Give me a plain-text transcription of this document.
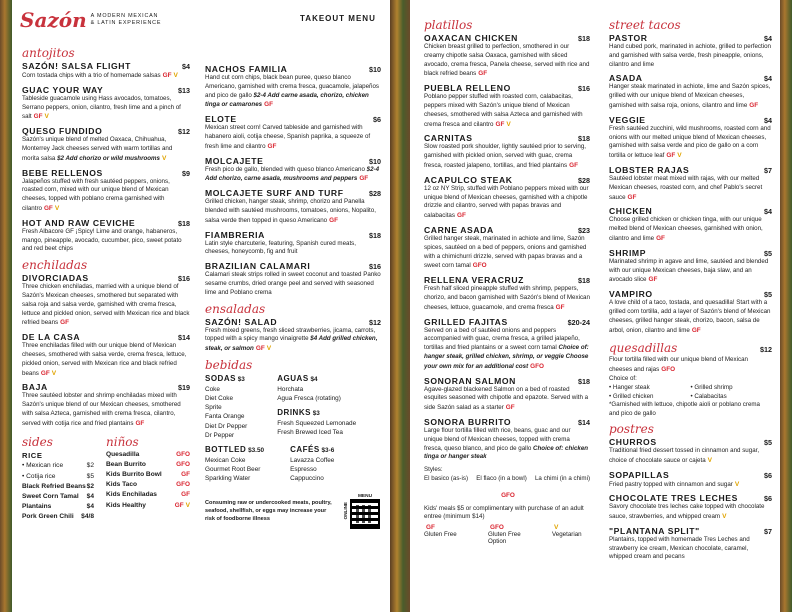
Sazón A MODERN MEXICAN
& LATIN EXPERIENCE	TAKEOUT MENU
antojitos
SAZÓN! SALSA FLIGHT	$4
Corn tostada chips with a trio of homemade salsas GF V
GUAC YOUR WAY	$13
Tableside guacamole using Hass avocados, tomatoes, Serrano peppers, onion, cilantro, fresh lime and a pinch of salt GF V
QUESO FUNDIDO	$12
Sazón's unique blend of melted Oaxaca, Chihuahua, Monterrey Jack cheeses served with warm tortillas and morita salsa $2 Add chorizo or wild mushrooms V
BEBE RELLENOS	$9
Jalapeños stuffed with fresh sautéed peppers, onions, roasted corn, mixed with our unique blend of Mexican cheeses, topped with poblano crema garnished with cilantro GF V
HOT AND RAW CEVICHE	$18
Fresh Albacore GF ¡Spicy! Lime and orange, habaneros, mango, pineapple, avocado, cucumber, pico, sweet potato and red beet chips
enchiladas
DIVORCIADAS	$16
Three chicken enchiladas, married with a unique blend of Sazón's Mexican cheeses, smothered but separated with salsa roja and salsa verde, garnished with crema fresca, lettuce and pickled onion, served with Mexican rice and black refried beans GF
DE LA CASA	$14
Three enchiladas filled with our unique blend of Mexican cheeses, smothered with salsa verde, crema fresca, lettuce, pickled onion, served with Mexican rice and black refried beans GF V
BAJA	$19
Three sautéed lobster and shrimp enchiladas mixed with Sazón's unique blend of our Mexican cheeses, smothered with salsa Azteca, garnished with crema fresca, cilantro, served with cotija rice and fried plantains GF
sides
RICE
• Mexican rice	$2
• Cotija rice	$5
Black Refried Beans $2
Sweet Corn Tamal $4
Plantains	$4
Pork Green Chili $4/8
niños
Quesadilla	GFO
Bean Burrito	GFO
Kids Burrito Bowl	GF
Kids Taco	GFO
Kids Enchiladas	GF
Kids Healthy	GF V
NACHOS FAMILIA	$10
Hand cut corn chips, black bean puree, queso blanco Americano, garnished with crema fresca, guacamole, jalapeños and pico de gallo $2-4 Add carne asada, chorizo, chicken tinga or camarones GF
ELOTE	$6
Mexican street corn! Carved tableside and garnished with habanero aioli, cotija cheese, Spanish paprika, a squeeze of fresh lime and cilantro GF
MOLCAJETE	$10
Fresh pico de gallo, blended with queso blanco Americano $2-4 Add chorizo, carne asada, mushrooms and peppers GF
MOLCAJETE SURF AND TURF	$28
Grilled chicken, hanger steak, shrimp, chorizo and Panella blended with sautéed mushrooms, tomatoes, onions, Nopalito, salsa verde then topped in queso Americano GF
FIAMBRERIA	$18
Latin style charcuterie, featuring, Spanish cured meats, cheeses, honeycomb, fig and fruit
BRAZILIAN CALAMARI	$16
Calamari steak strips rolled in sweet coconut and toasted Panko sesame crumbs, dried orange peel and served with seasoned lime and Poblano crema
ensaladas
SAZÓN! SALAD	$12
Fresh mixed greens, fresh sliced strawberries, jicama, carrots, topped with a spicy mango vinaigrette $4 Add grilled chicken, steak, or salmon GF V
bebidas
SODAS $3
Coke
Diet Coke
Sprite
Fanta Orange
Diet Dr Pepper
Dr Pepper
AGUAS $4
Horchata
Agua Fresca (rotating)
DRINKS $3
Fresh Squeezed Lemonade
Fresh Brewed Iced Tea
BOTTLED $3.50
Mexican Coke
Gourmet Root Beer
Sparkling Water
CAFÉS $3-6
Lavazza Coffee
Espresso
Cappuccino
Consuming raw or undercooked meats, poultry, seafood, shellfish, or eggs may increase your risk of foodborne illness	ONLINE
MENU
platillos
OAXACAN CHICKEN	$18
Chicken breast grilled to perfection, smothered in our creamy chipotle salsa Oaxaca, garnished with sliced avocado, crema fresca, Panela cheese, served with rice and black refried beans GF
PUEBLA RELLENO	$16
Poblano pepper stuffed with roasted corn, calabacitas, peppers mixed with Sazón's unique blend of Mexican cheeses, smothered with salsa Azteca and garnished with crema fresca and cilantro GF V
CARNITAS	$18
Slow roasted pork shoulder, lightly sautéed prior to serving, garnished with pickled onion, served with guac, crema fresca, roasted jalapeno, tortillas, and fried plantains GF
ACAPULCO STEAK	$28
12 oz NY Strip, stuffed with Poblano peppers mixed with our unique blend of Mexican cheeses, garnished with a chipotle drizzle and cilantro, served with papas bravas and calabacitas GF
CARNE ASADA	$23
Grilled hanger steak, marinated in achiote and lime, Sazón spices, sautéed on a bed of peppers, onions and garnished with a chimichurri drizzle, served with papas bravas and a sweet corn tamal GFO
RELLENA VERACRUZ	$18
Fresh half sliced pineapple stuffed with shrimp, peppers, chorizo, and bacon garnished with Sazón's blend of Mexican cheeses, lettuce, guacamole, and crema fresca GF
GRILLED FAJITAS	$20-24
Served on a bed of sautéed onions and peppers accompanied with guac, crema fresca, a grilled jalapeño, tortillas and fried plantains or a sweet corn tamal Choice of: hanger steak, grilled chicken, shrimp, or veggie Choose your own mix for an additional cost GFO
SONORAN SALMON	$18
Agave-glazed blackened Salmon on a bed of roasted esquites seasoned with chipotle and epazote. Served with a side Sazón salad as a starter GF
SONORA BURRITO	$14
Large flour tortilla filled with rice, beans, guac and our unique blend of Mexican cheeses, topped with crema fresca, queso blanco, and pico de gallo Choice of: chicken tinga or hanger steak
Styles:
El basico (as-is) El flaco (in a bowl) La chimi (in a chimi)
GFO
Kids' meals $5 or complimentary with purchase of an adult entree (minimum $14)
GF
Gluten Free
GFO
Gluten Free Option
V
Vegetarian
street tacos
PASTOR	$4
Hand cubed pork, marinated in achiote, grilled to perfection and garnished with salsa verde, fresh pineapple, onions, cilantro and lime
ASADA	$4
Hanger steak marinated in achiote, lime and Sazón spices, grilled with our unique blend of Mexican cheeses, garnished with salsa roja, onions, cilantro and lime GF
VEGGIE	$4
Fresh sautéed zucchini, wild mushrooms, roasted corn and onions with our melted unique blend of Mexican cheeses, garnished with salsa verde and pico de gallo on a corn tortilla or lettuce leaf GF V
LOBSTER RAJAS	$7
Sautéed lobster meat mixed with rajas, with our melted Mexican cheeses, roasted corn, and chef Pablo's secret sauce GF
CHICKEN	$4
Choose grilled chicken or chicken tinga, with our unique melted blend of Mexican cheeses, garnished with onion, cilantro and lime GF
SHRIMP	$5
Marinated shrimp in agave and lime, sautéed and blended with our unique Mexican cheeses, baja slaw, and an avocado slice GF
VAMPIRO	$5
A love child of a taco, tostada, and quesadilla! Start with a grilled corn tortilla, add a layer of Sazón's blend of Mexican cheeses, grilled hanger steak, chorizo, bacon, salsa de arbol, onion, cilantro and lime GF
quesadillas	$12
Flour tortilla filled with our unique blend of Mexican cheeses and rajas GFO
Choice of:
• Hanger steak	• Grilled shrimp
• Grilled chicken	• Calabacitas
*Garnished with lettuce, chipotle aioli or poblano crema and pico de gallo
postres
CHURROS	$5
Traditional fried dessert tossed in cinnamon and sugar, choice of chocolate sauce or cajeta V
SOPAPILLAS	$6
Fried pastry topped with cinnamon and sugar V
CHOCOLATE TRES LECHES	$6
Savory chocolate tres leches cake topped with chocolate sauce, strawberries, and whipped cream V
"PLANTANA SPLIT"	$7
Plantains, topped with homemade Tres Leches and strawberry ice cream, Mexican chocolate, caramel, whipped cream and pecans
